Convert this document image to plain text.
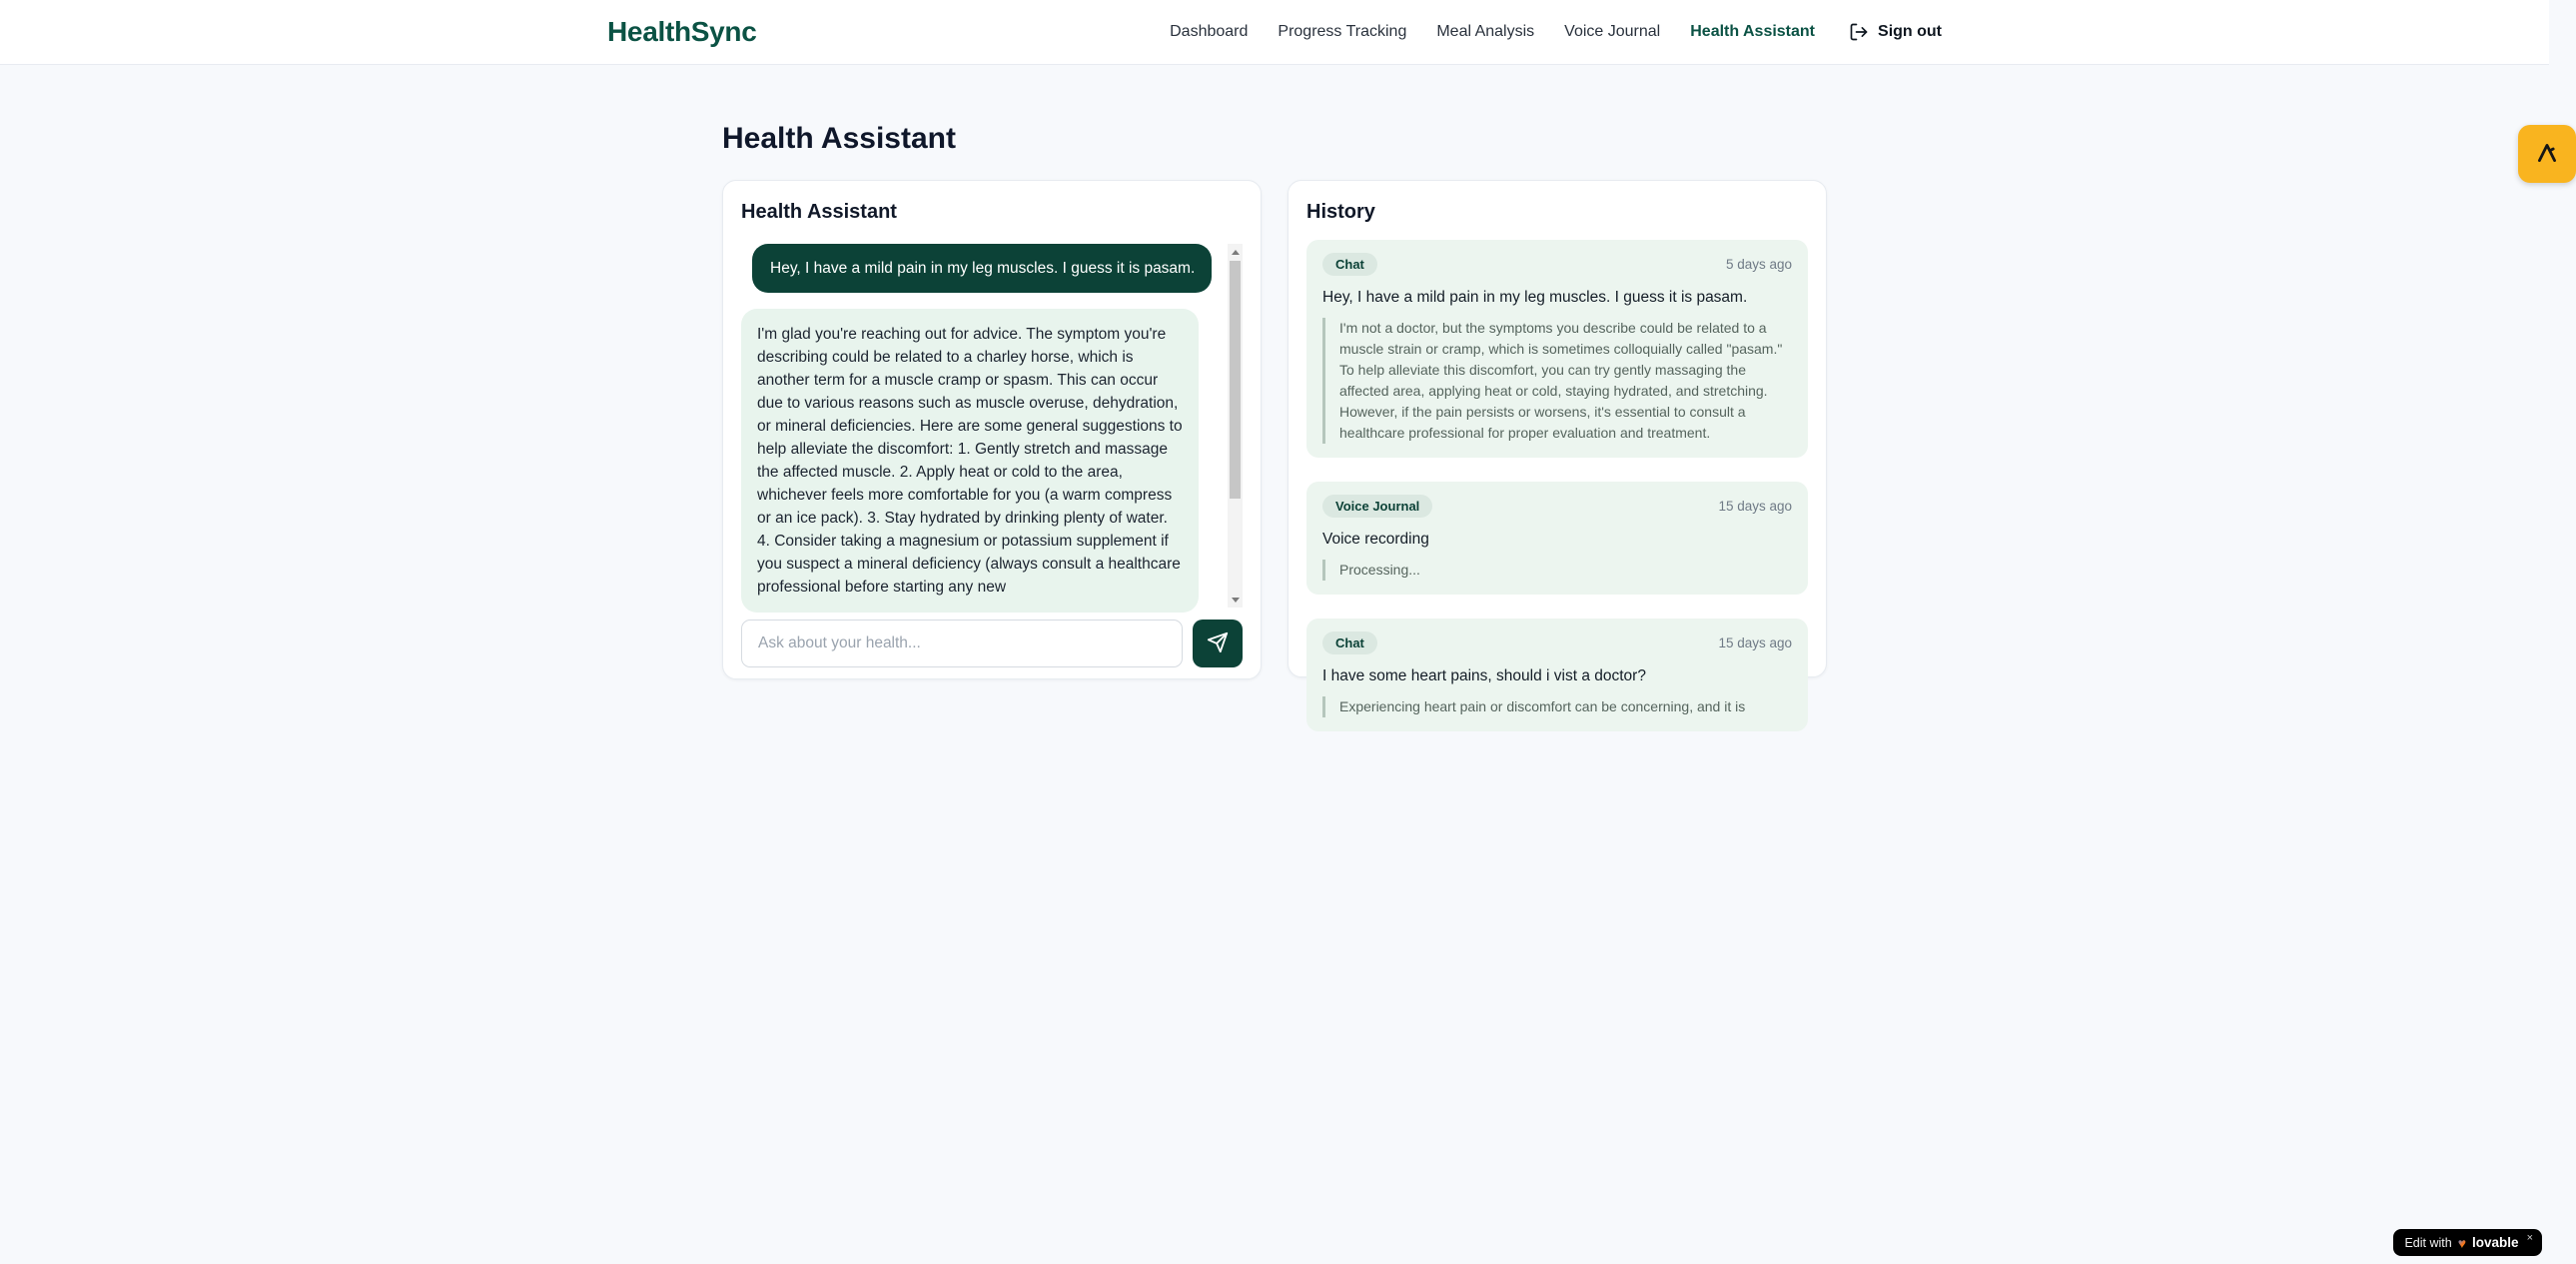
HealthSync	Dashboard Progress Tracking Meal Analysis Voice Journal Health Assistant	Sign out
Health Assistant
Health Assistant
Hey, I have a mild pain in my leg muscles. I guess it is pasam.
I'm glad you're reaching out for advice. The symptom you're describing could be related to a charley horse, which is another term for a muscle cramp or spasm. This can occur due to various reasons such as muscle overuse, dehydration, or mineral deficiencies. Here are some general suggestions to help alleviate the discomfort: 1. Gently stretch and massage the affected muscle. 2. Apply heat or cold to the area, whichever feels more comfortable for you (a warm compress or an ice pack). 3. Stay hydrated by drinking plenty of water. 4. Consider taking a magnesium or potassium supplement if you suspect a mineral deficiency (always consult a healthcare professional before starting any new
Ask about your health...
History
Chat	5 days ago
Hey, I have a mild pain in my leg muscles. I guess it is pasam.
I'm not a doctor, but the symptoms you describe could be related to a muscle strain or cramp, which is sometimes colloquially called "pasam." To help alleviate this discomfort, you can try gently massaging the affected area, applying heat or cold, staying hydrated, and stretching. However, if the pain persists or worsens, it's essential to consult a healthcare professional for proper evaluation and treatment.
Voice Journal	15 days ago
Voice recording
Processing...
Chat	15 days ago
I have some heart pains, should i vist a doctor?
Experiencing heart pain or discomfort can be concerning, and it is
Edit with ♥ lovable ×
